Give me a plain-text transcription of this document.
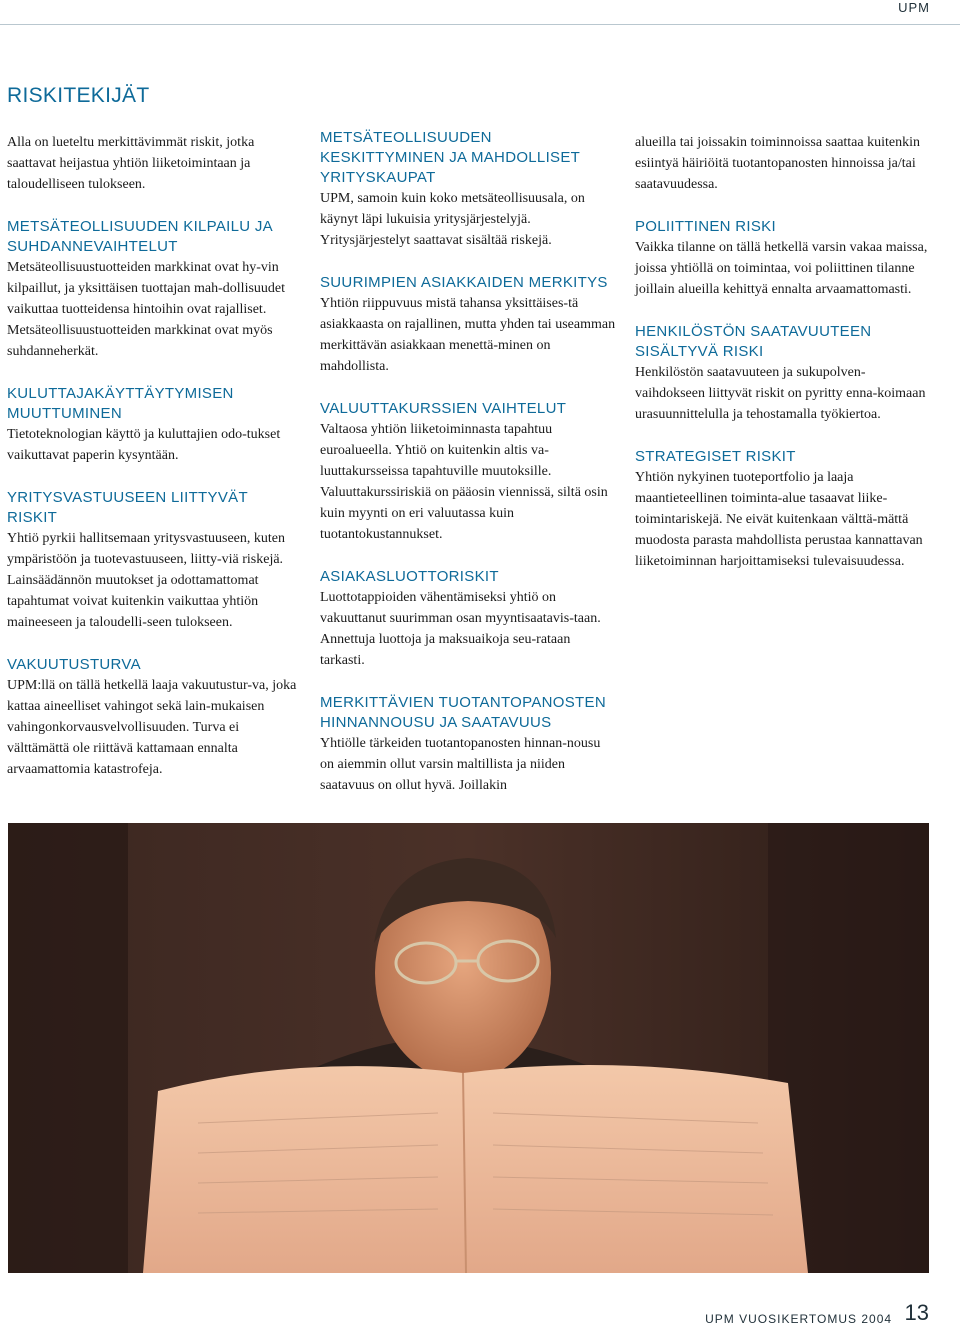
UPM
RISKITEKIJÄT

Alla on lueteltu merkittävimmät riskit, jotka saattavat heijastua yhtiön liiketoimintaan ja taloudelliseen tulokseen.

METSÄTEOLLISUUDEN KILPAILU JA SUHDANNEVAIHTELUT

Metsäteollisuustuotteiden markkinat ovat hy-vin kilpaillut, ja yksittäisen tuottajan mah-dollisuudet vaikuttaa tuotteidensa hintoihin ovat rajalliset. Metsäteollisuustuotteiden markkinat ovat myös suhdanneherkät.

KULUTTAJAKÄYTTÄYTYMISEN MUUTTUMINEN

Tietoteknologian käyttö ja kuluttajien odo-tukset vaikuttavat paperin kysyntään.

YRITYSVASTUUSEEN LIITTYVÄT RISKIT

Yhtiö pyrkii hallitsemaan yritysvastuuseen, kuten ympäristöön ja tuotevastuuseen, liitty-viä riskejä. Lainsäädännön muutokset ja odottamattomat tapahtumat voivat kuitenkin vaikuttaa yhtiön maineeseen ja taloudelli-seen tulokseen.

VAKUUTUSTURVA

UPM:llä on tällä hetkellä laaja vakuutustur-va, joka kattaa aineelliset vahingot sekä lain-mukaisen vahingonkorvausvelvollisuuden. Turva ei välttämättä ole riittävä kattamaan ennalta arvaamattomia katastrofeja.

METSÄTEOLLISUUDEN KESKITTYMINEN JA MAHDOLLISET YRITYSKAUPAT

UPM, samoin kuin koko metsäteollisuusala, on käynyt läpi lukuisia yritysjärjestelyjä. Yritysjärjestelyt saattavat sisältää riskejä.

SUURIMPIEN ASIAKKAIDEN MERKITYS

Yhtiön riippuvuus mistä tahansa yksittäises-tä asiakkaasta on rajallinen, mutta yhden tai useamman merkittävän asiakkaan menettä-minen on mahdollista.

VALUUTTAKURSSIEN VAIHTELUT

Valtaosa yhtiön liiketoiminnasta tapahtuu euroalueella. Yhtiö on kuitenkin altis va-luuttakursseissa tapahtuville muutoksille. Valuuttakurssiriskiä on pääosin viennissä, siltä osin kuin myynti on eri valuutassa kuin tuotantokustannukset.

ASIAKASLUOTTORISKIT

Luottotappioiden vähentämiseksi yhtiö on vakuuttanut suurimman osan myyntisaatavis-taan. Annettuja luottoja ja maksuaikoja seu-rataan tarkasti.

MERKITTÄVIEN TUOTANTOPANOSTEN HINNANNOUSU JA SAATAVUUS

Yhtiölle tärkeiden tuotantopanosten hinnan-nousu on aiemmin ollut varsin maltillista ja niiden saatavuus on ollut hyvä. Joillakin

alueilla tai joissakin toiminnoissa saattaa kuitenkin esiintyä häiriöitä tuotantopanosten hinnoissa ja/tai saatavuudessa.

POLIITTINEN RISKI

Vaikka tilanne on tällä hetkellä varsin vakaa maissa, joissa yhtiöllä on toimintaa, voi poliittinen tilanne joillain alueilla kehittyä ennalta arvaamattomasti.

HENKILÖSTÖN SAATAVUUTEEN SISÄLTYVÄ RISKI

Henkilöstön saatavuuteen ja sukupolven-vaihdokseen liittyvät riskit on pyritty enna-koimaan urasuunnittelulla ja tehostamalla työkiertoa.

STRATEGISET RISKIT

Yhtiön nykyinen tuoteportfolio ja laaja maantieteellinen toiminta-alue tasaavat liike-toimintariskejä. Ne eivät kuitenkaan välttä-mättä muodosta parasta mahdollista perustaa kannattavan liiketoiminnan harjoittamiseksi tulevaisuudessa.

UPM VUOSIKERTOMUS 2004 13
